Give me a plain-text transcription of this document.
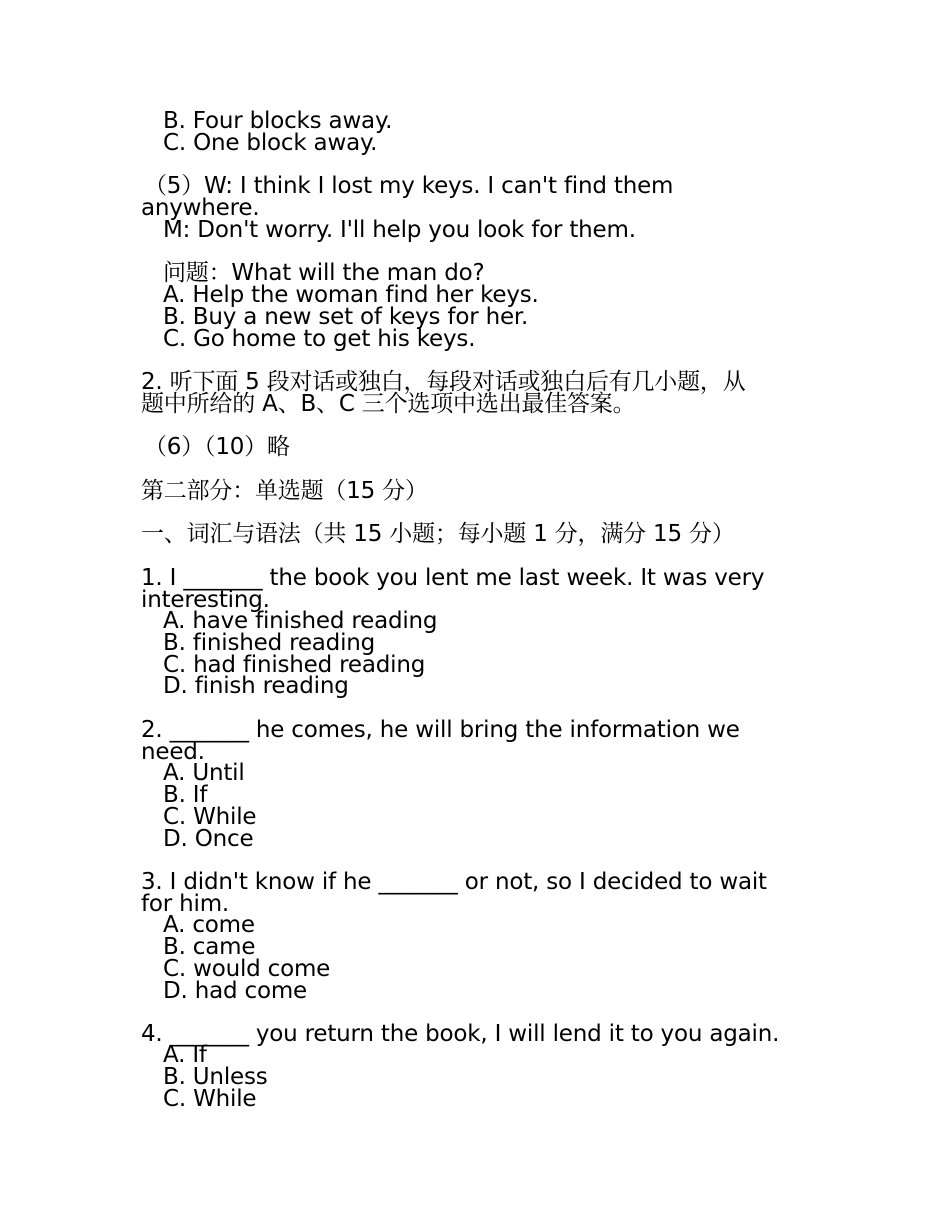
B. Four blocks away.
C. One block away.
（5）W: I think I lost my keys. I can't find them
anywhere.
M: Don't worry. I'll help you look for them.
问题：What will the man do?
A. Help the woman find her keys.
B. Buy a new set of keys for her.
C. Go home to get his keys.
2. 听下面 5 段对话或独白，每段对话或独白后有几小题，从
题中所给的 A、B、C 三个选项中选出最佳答案。
（6）（10）略
第二部分：单选题（15 分）
一、词汇与语法（共 15 小题；每小题 1 分，满分 15 分）
1. I _______ the book you lent me last week. It was very
interesting.
A. have finished reading
B. finished reading
C. had finished reading
D. finish reading
2. _______ he comes, he will bring the information we
need.
A. Until
B. If
C. While
D. Once
3. I didn't know if he _______ or not, so I decided to wait
for him.
A. come
B. came
C. would come
D. had come
4. _______ you return the book, I will lend it to you again.
A. If
B. Unless
C. While
